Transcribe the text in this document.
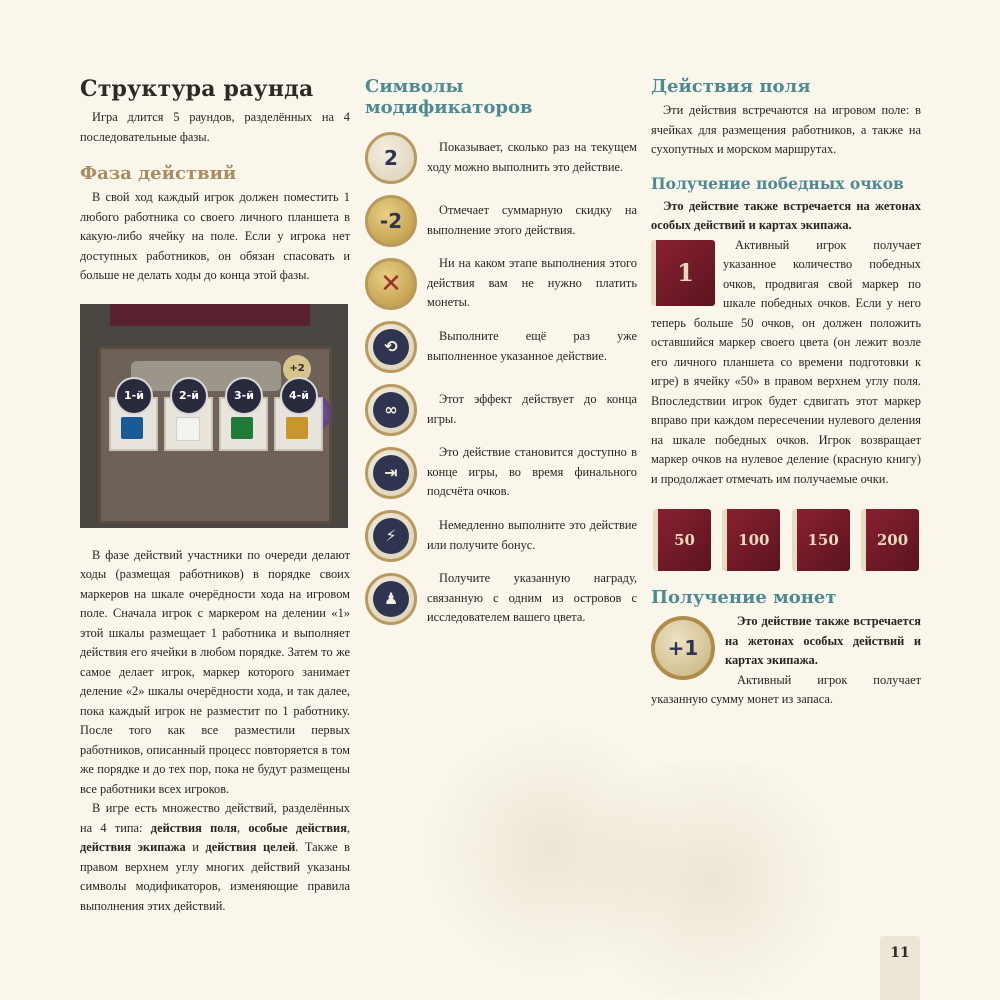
Структура раунда

Игра длится 5 раундов, разделённых на 4 последовательные фазы.

Фаза действий

В свой ход каждый игрок должен поместить 1 любого работника со своего личного планшета в какую-либо ячейку на поле. Если у игрока нет доступных работников, он обязан спасовать и больше не делать ходы до конца этой фазы.

+2
1-й	2-й	3-й	4-й

В фазе действий участники по очереди делают ходы (размещая работников) в порядке своих маркеров на шкале очерёдности хода на игровом поле. Сначала игрок с маркером на делении «1» этой шкалы размещает 1 работника и выполняет действия его ячейки в любом порядке. Затем то же самое делает игрок, маркер которого занимает деление «2» шкалы очерёдности хода, и так далее, пока каждый игрок не разместит по 1 работнику. После того как все разместили первых работников, описанный процесс повторяется в том же порядке и до тех пор, пока не будут размещены все работники всех игроков.

В игре есть множество действий, разделённых на 4 типа: действия поля, особые действия, действия экипажа и действия целей. Также в правом верхнем углу многих действий указаны символы модификаторов, изменяющие правила выполнения этих действий.

Символы модификаторов
2	Показывает, сколько раз на текущем ходу можно выполнить это действие.

-2	Отмечает суммарную скидку на выполнение этого действия.

✕

Ни на каком этапе выполнения этого действия вам не нужно платить монеты.

⟲

Выполните ещё раз уже выполненное указанное действие.

∞

Этот эффект действует до конца игры.

⇥

Это действие становится доступно в конце игры, во время финального подсчёта очков.

⚡

Немедленно выполните это действие или получите бонус.

♟

Получите указанную награду, связанную с одним из островов с исследователем вашего цвета.

Действия поля

Эти действия встречаются на игровом поле: в ячейках для размещения работников, а также на сухопутных и морском маршрутах.

Получение победных очков

Это действие также встречается на жетонах особых действий и картах экипажа.

1

Активный игрок получает указанное количество победных очков, продвигая свой маркер по шкале победных очков. Если у него теперь больше 50 очков, он должен положить оставшийся маркер своего цвета (он лежит возле его личного планшета со времени подготовки к игре) в ячейку «50» в правом верхнем углу поля. Впоследствии игрок будет сдвигать этот маркер вправо при каждом пересечении нулевого деления на шкале победных очков. Игрок возвращает маркер очков на нулевое деление (красную книгу) и продолжает отмечать им получаемые очки.

50	100	150	200
Получение монет
+1

Это действие также встречается на жетонах особых действий и картах экипажа.

Активный игрок получает указанную сумму монет из запаса.

11
